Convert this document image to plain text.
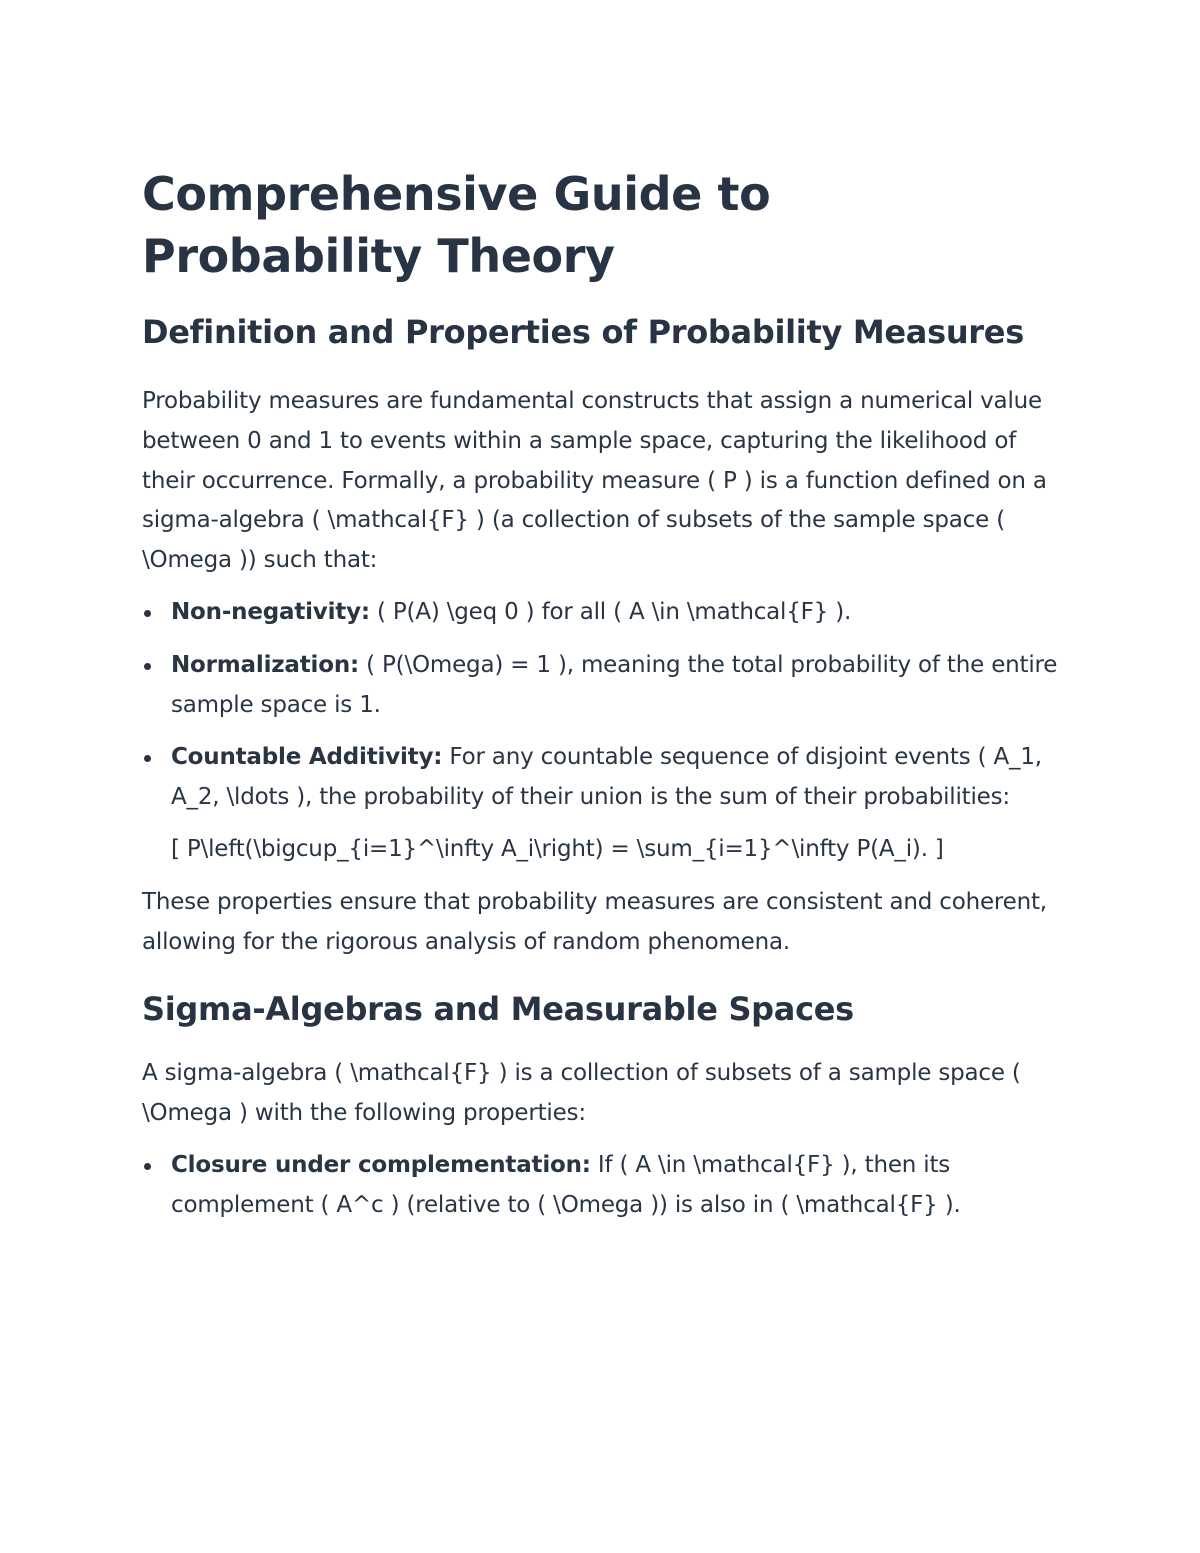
Comprehensive Guide to Probability Theory
Definition and Properties of Probability Measures

Probability measures are fundamental constructs that assign a numerical value between 0 and 1 to events within a sample space, capturing the likelihood of their occurrence. Formally, a probability measure ( P ) is a function defined on a sigma-algebra ( \mathcal{F} ) (a collection of subsets of the sample space ( \Omega )) such that:

Non-negativity: ( P(A) \geq 0 ) for all ( A \in \mathcal{F} ).
Normalization: ( P(\Omega) = 1 ), meaning the total probability of the entire sample space is 1.
Countable Additivity: For any countable sequence of disjoint events ( A_1, A_2, \ldots ), the probability of their union is the sum of their probabilities:
[ P\left(\bigcup_{i=1}^\infty A_i\right) = \sum_{i=1}^\infty P(A_i). ]

These properties ensure that probability measures are consistent and coherent, allowing for the rigorous analysis of random phenomena.

Sigma-Algebras and Measurable Spaces

A sigma-algebra ( \mathcal{F} ) is a collection of subsets of a sample space ( \Omega ) with the following properties:

Closure under complementation: If ( A \in \mathcal{F} ), then its complement ( A^c ) (relative to ( \Omega )) is also in ( \mathcal{F} ).
